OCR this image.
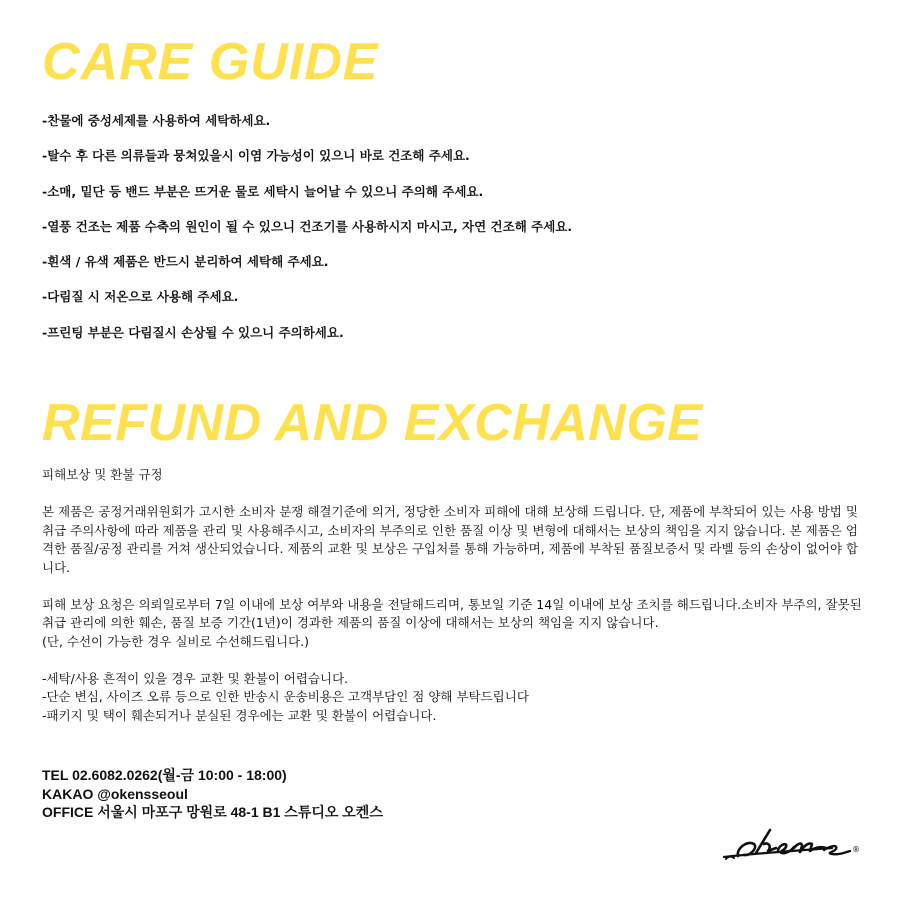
CARE GUIDE
-찬물에 중성세제를 사용하여 세탁하세요.
-탈수 후 다른 의류들과 뭉쳐있을시 이염 가능성이 있으니 바로 건조해 주세요.
-소매, 밑단 등 밴드 부분은 뜨거운 물로 세탁시 늘어날 수 있으니 주의해 주세요.
-열풍 건조는 제품 수축의 원인이 될 수 있으니 건조기를 사용하시지 마시고, 자연 건조해 주세요.
-흰색 / 유색 제품은 반드시 분리하여 세탁해 주세요.
-다림질 시 저온으로 사용해 주세요.
-프린팅 부분은 다림질시 손상될 수 있으니 주의하세요.
REFUND AND EXCHANGE

피해보상 및 환불 규정

본 제품은 공정거래위원회가 고시한 소비자 분쟁 해결기준에 의거, 정당한 소비자 피해에 대해 보상해 드립니다. 단, 제품에 부착되어 있는 사용 방법 및 취급 주의사항에 따라 제품을 관리 및 사용해주시고, 소비자의 부주의로 인한 품질 이상 및 변형에 대해서는 보상의 책임을 지지 않습니다. 본 제품은 엄격한 품질/공정 관리를 거쳐 생산되었습니다. 제품의 교환 및 보상은 구입처를 통해 가능하며, 제품에 부착된 품질보증서 및 라벨 등의 손상이 없어야 합니다.

피해 보상 요청은 의뢰일로부터 7일 이내에 보상 여부와 내용을 전달해드리며, 통보일 기준 14일 이내에 보상 조치를 해드립니다.소비자 부주의, 잘못된 취급 관리에 의한 훼손, 품질 보증 기간(1년)이 경과한 제품의 품질 이상에 대해서는 보상의 책임을 지지 않습니다.

(단, 수선이 가능한 경우 실비로 수선해드립니다.)

-세탁/사용 흔적이 있을 경우 교환 및 환불이 어렵습니다.

-단순 변심, 사이즈 오류 등으로 인한 반송시 운송비용은 고객부담인 점 양해 부탁드립니다

-패키지 및 택이 훼손되거나 분실된 경우에는 교환 및 환불이 어렵습니다.

TEL 02.6082.0262(월-금 10:00 - 18:00)
KAKAO @okensseoul
OFFICE 서울시 마포구 망원로 48-1 B1 스튜디오 오켄스
®
